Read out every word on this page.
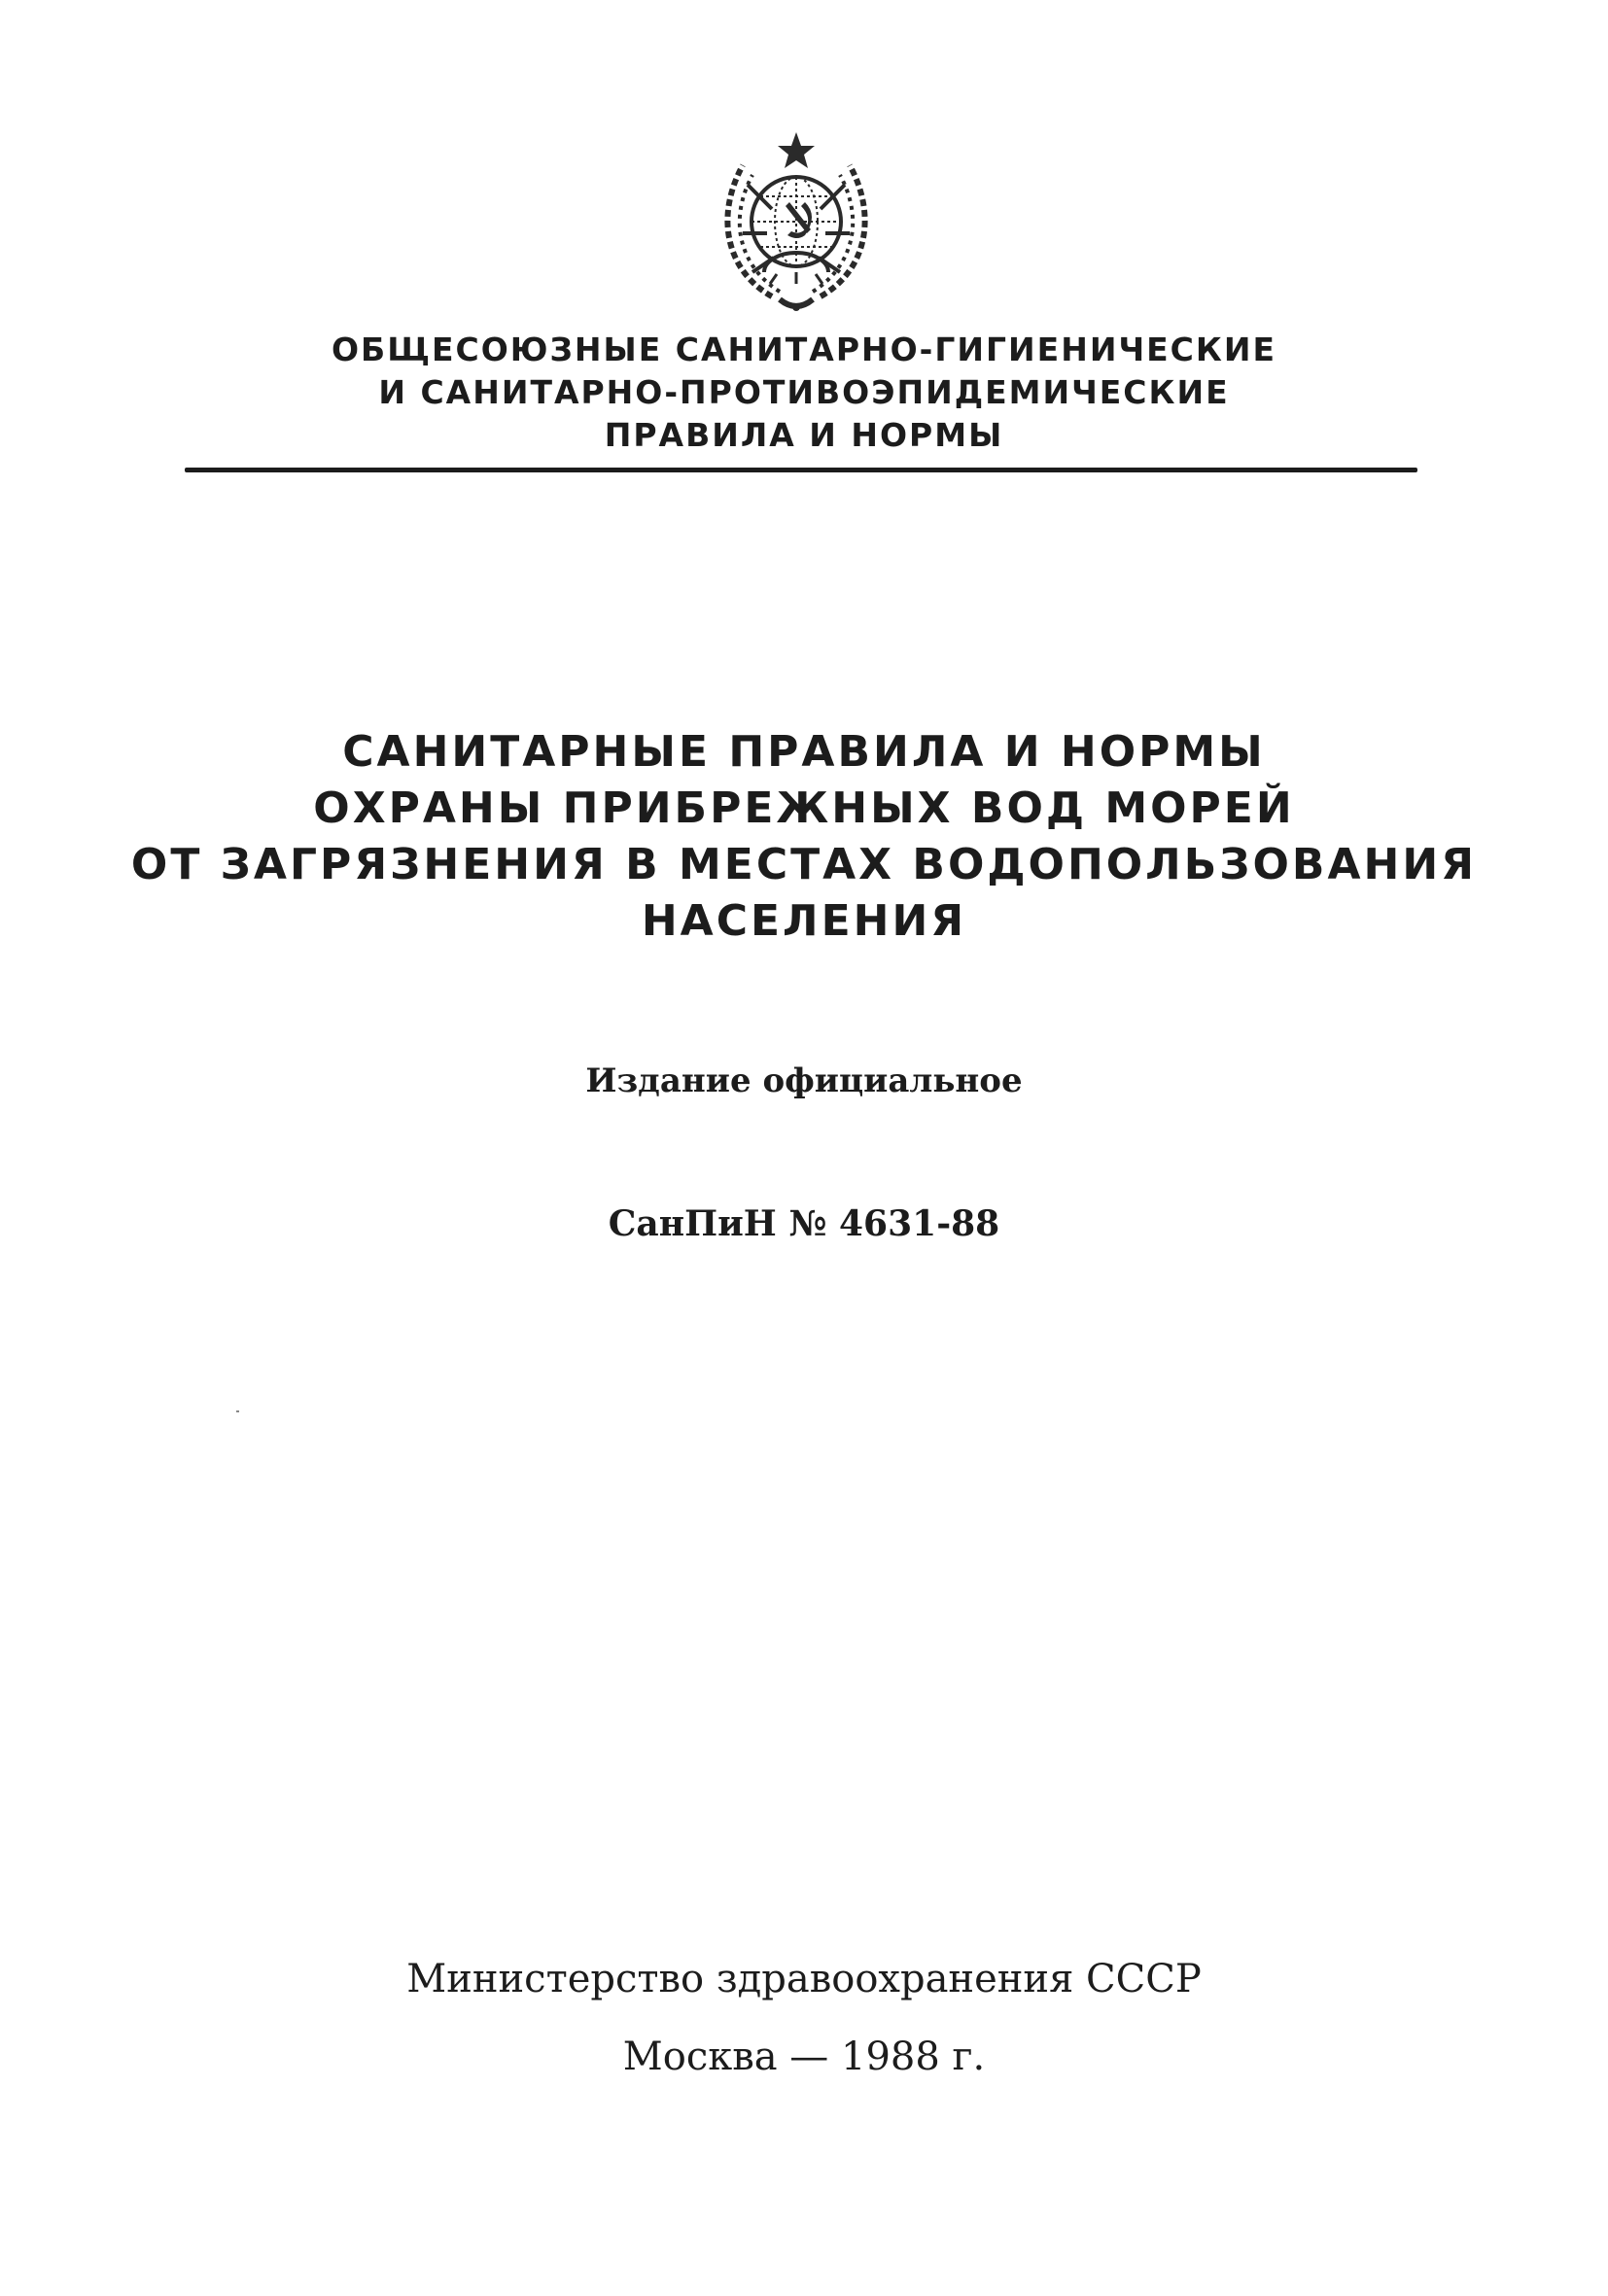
ОБЩЕСОЮЗНЫЕ САНИТАРНО-ГИГИЕНИЧЕСКИЕ
И САНИТАРНО-ПРОТИВОЭПИДЕМИЧЕСКИЕ
ПРАВИЛА И НОРМЫ
САНИТАРНЫЕ ПРАВИЛА И НОРМЫ
ОХРАНЫ ПРИБРЕЖНЫХ ВОД МОРЕЙ
ОТ ЗАГРЯЗНЕНИЯ В МЕСТАХ ВОДОПОЛЬЗОВАНИЯ
НАСЕЛЕНИЯ
Издание официальное
СанПиН № 4631-88
Министерство здравоохранения СССР
Москва — 1988 г.
